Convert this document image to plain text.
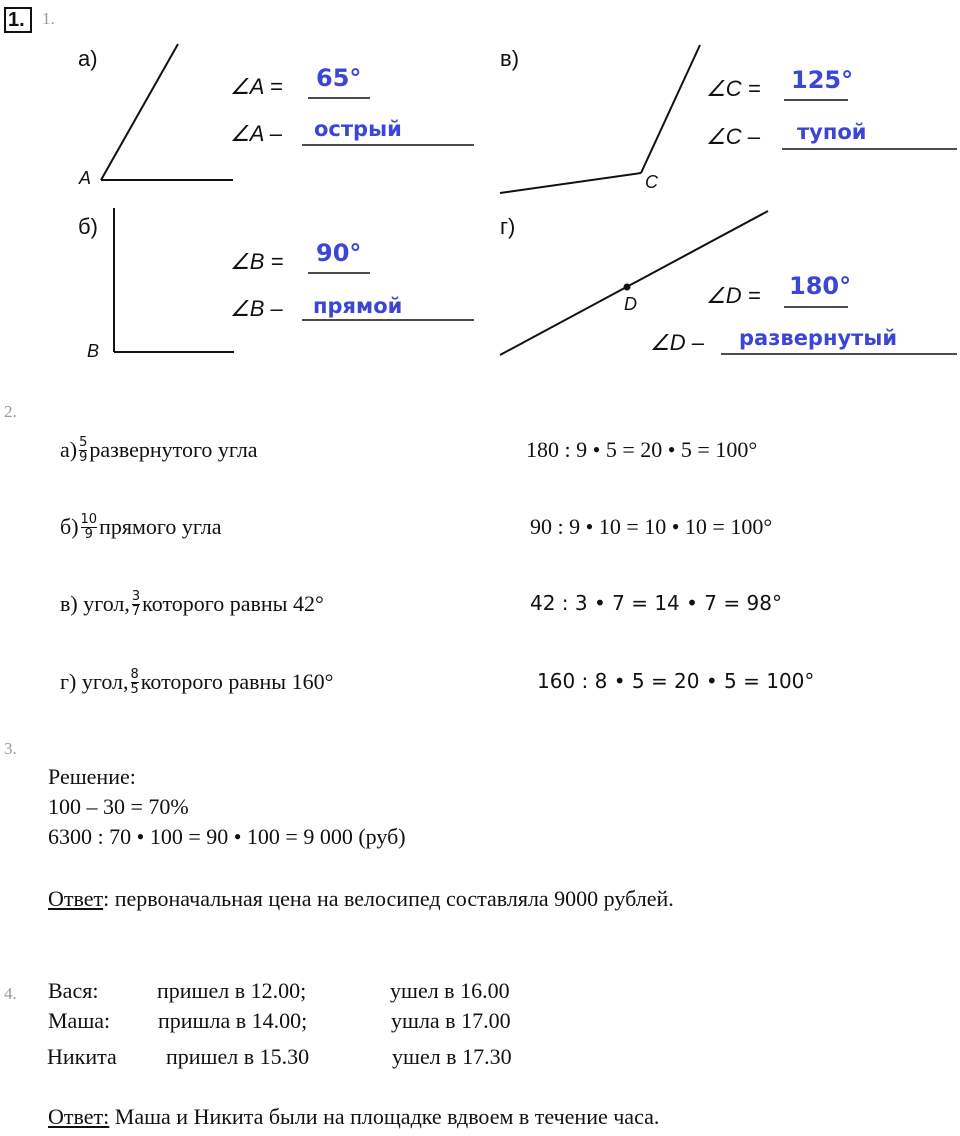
1. 1.
а)
A
∠A = 65°
∠A – острый
в)
C
∠C = 125°
∠C – тупой
б)
B
∠B = 90°
∠B – прямой
г)
D	∠D = 180°
∠D – развернутый
2.
$а) \frac{5}{9}$ развернутого угла	180 : 9 • 5 = 20 • 5 = 100°
$б) \frac{10}{9}$ прямого угла	90 : 9 • 10 = 10 • 10 = 100°
в) угол, $\frac{3}{7}$ которого равны 42°	42 : 3 • 7 = 14 • 7 = 98°
г) угол, $\frac{8}{5}$ которого равны 160°	160 : 8 • 5 = 20 • 5 = 100°
3.
Решение:
100 – 30 = 70%
6300 : 70 • 100 = 90 • 100 = 9 000 (руб)
Ответ: первоначальная цена на велосипед составляла 9000 рублей.
4. Вася:	пришел в 12.00;	ушел в 16.00
Маша: пришла в 14.00;	ушла в 17.00
Никита пришел в 15.30	ушел в 17.30
Ответ: Маша и Никита были на площадке вдвоем в течение часа.
